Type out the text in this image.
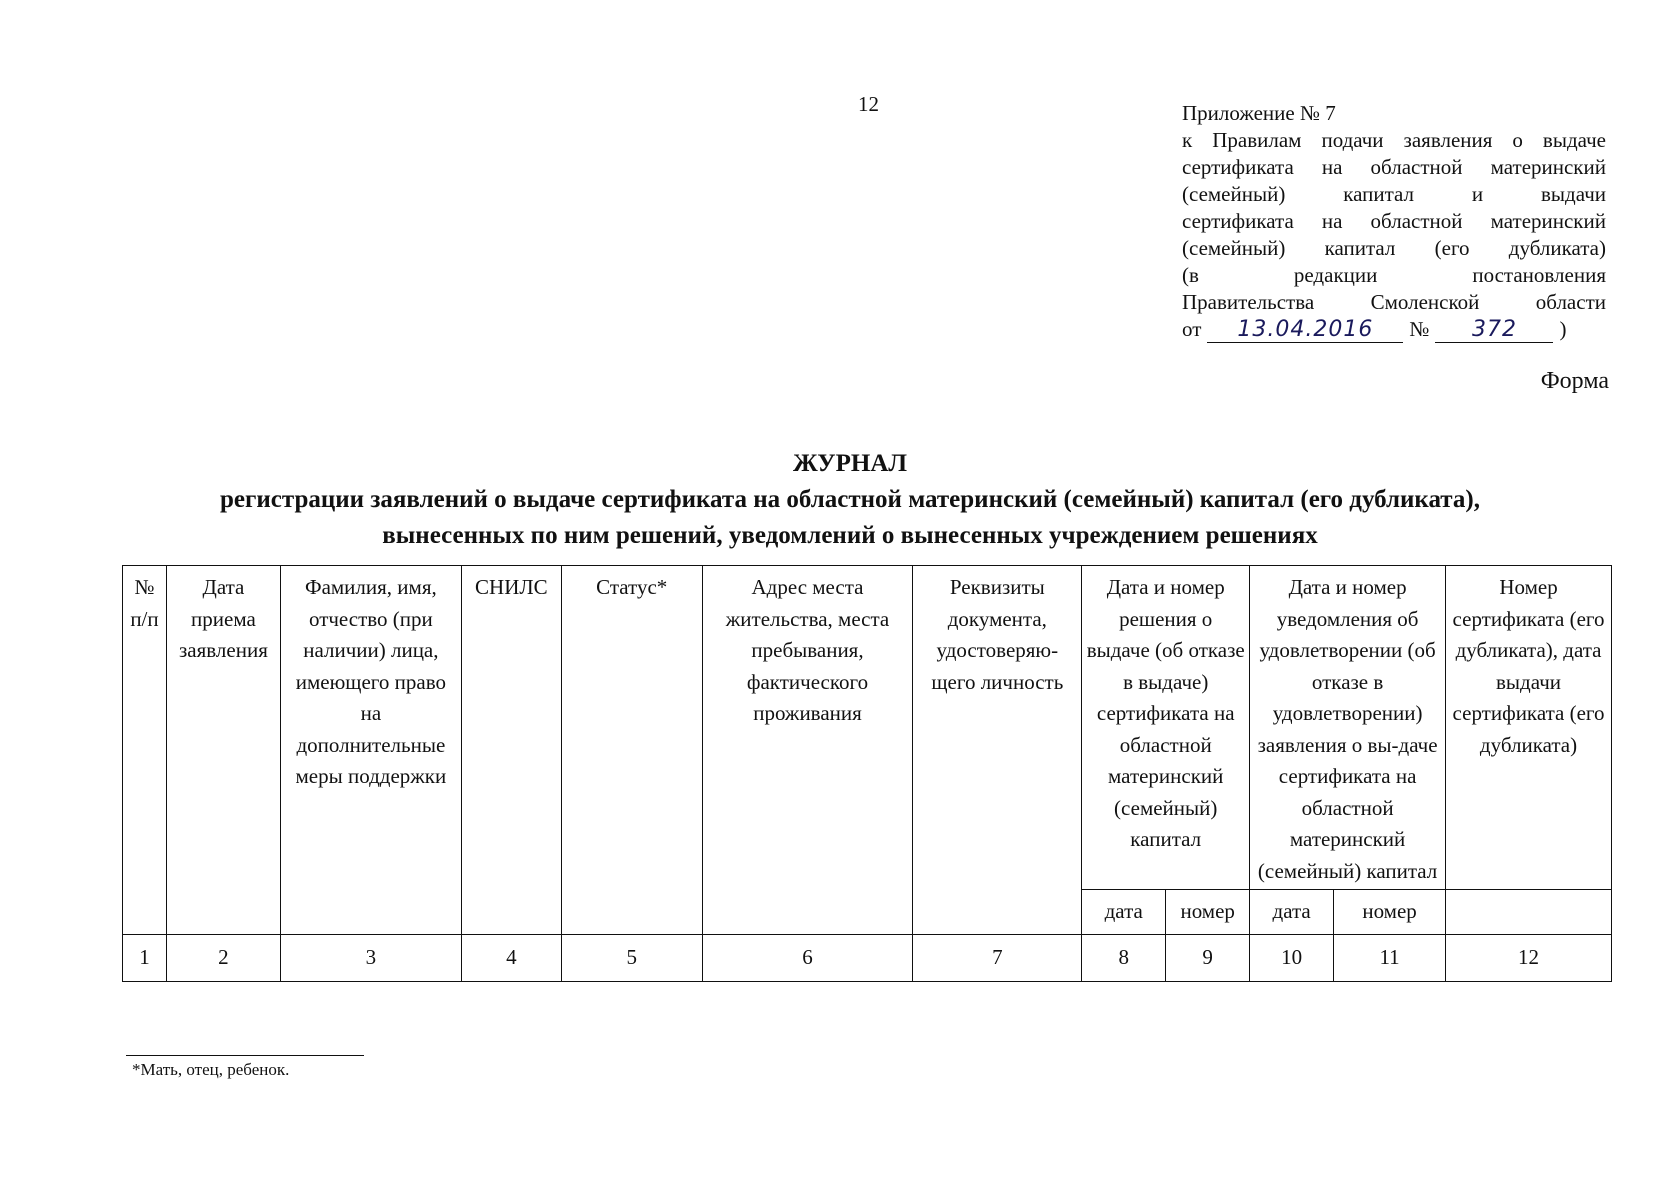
12	Приложение № 7
к Правилам подачи заявления о выдаче
сертификата на областной материнский
(семейный) капитал и выдачи
сертификата на областной материнский
(семейный) капитал (его дубликата)
(в редакции постановления
Правительства Смоленской области
от	13.04.2016	№	372	)
Форма
ЖУРНАЛ
регистрации заявлений о выдаче сертификата на областной материнский (семейный) капитал (его дубликата),
вынесенных по ним решений, уведомлений о вынесенных учреждением решениях
№ п/п	Дата приема заявления	Фамилия, имя, отчество (при наличии) лица, имеющего право на дополнительные меры поддержки	СНИЛС	Статус*	Адрес места жительства, места пребывания, фактического проживания	Реквизиты документа, удостоверяю-щего личность	Дата и номер решения о выдаче (об отказе в выдаче) сертификата на областной материнский (семейный) капитал		Дата и номер уведомления об удовлетворении (об отказе в удовлетворении) заявления о вы-даче сертификата на областной материнский (семейный) капитал		Номер сертификата (его дубликата), дата выдачи сертификата (его дубликата)
							дата	номер	дата	номер	
1	2	3	4	5	6	7	8	9	10	11	12
*Мать, отец, ребенок.
